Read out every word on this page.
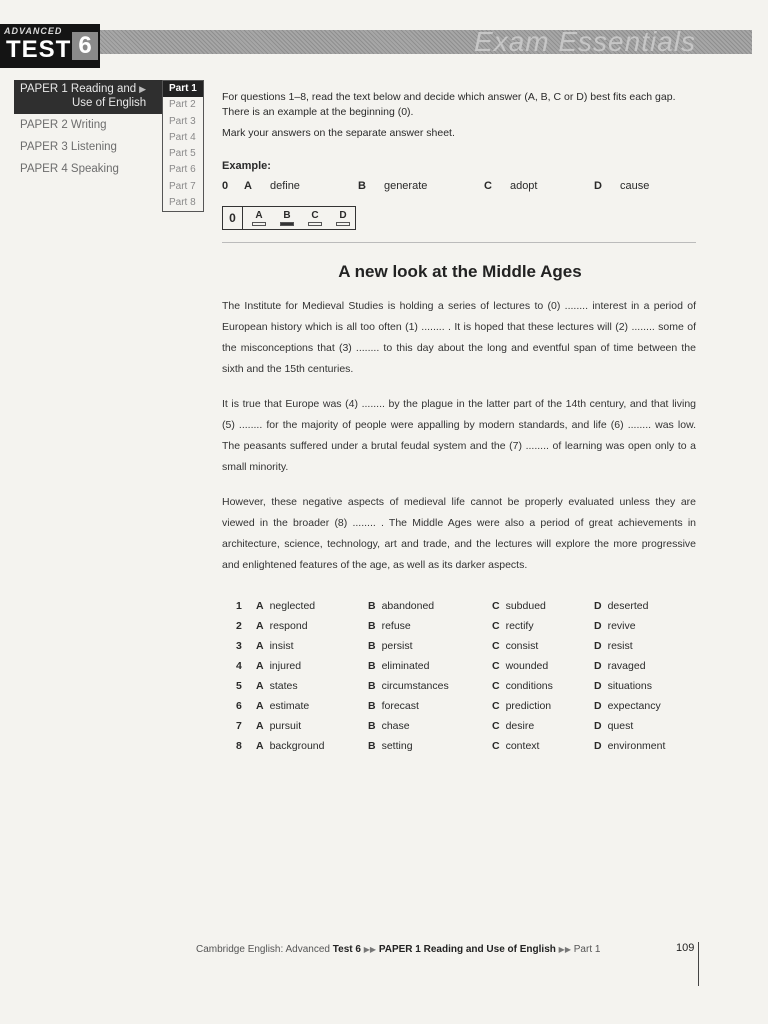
Exam Essentials
ADVANCED
TEST 6
PAPER 1 Reading and ▶
Use of English
PAPER 2 Writing
PAPER 3 Listening
PAPER 4 Speaking
Part 1
Part 2
Part 3
Part 4
Part 5
Part 6
Part 7
Part 8

For questions 1–8, read the text below and decide which answer (A, B, C or D) best fits each gap. There is an example at the beginning (0).

Mark your answers on the separate answer sheet.

Example:
0 A define	B generate	C adopt	D cause
0	A	B	C	D
A new look at the Middle Ages

The Institute for Medieval Studies is holding a series of lectures to (0) ........ interest in a period of European history which is all too often (1) ........ . It is hoped that these lectures will (2) ........ some of the misconceptions that (3) ........ to this day about the long and eventful span of time between the sixth and the 15th centuries.

It is true that Europe was (4) ........ by the plague in the latter part of the 14th century, and that living (5) ........ for the majority of people were appalling by modern standards, and life (6) ........ was low. The peasants suffered under a brutal feudal system and the (7) ........ of learning was open only to a small minority.

However, these negative aspects of medieval life cannot be properly evaluated unless they are viewed in the broader (8) ........ . The Middle Ages were also a period of great achievements in architecture, science, technology, art and trade, and the lectures will explore the more progressive and enlightened features of the age, as well as its darker aspects.

1 A neglected	B abandoned	C subdued	D deserted
2 A respond	B refuse	C rectify	D revive
3 A insist	B persist	C consist	D resist
4 A injured	B eliminated	C wounded	D ravaged
5 A states	B circumstances	C conditions	D situations
6 A estimate	B forecast	C prediction	D expectancy
7 A pursuit	B chase	C desire	D quest
8 A background	B setting	C context	D environment
Cambridge English: Advanced Test 6 ▶▶ PAPER 1 Reading and Use of English ▶▶ Part 1	109
